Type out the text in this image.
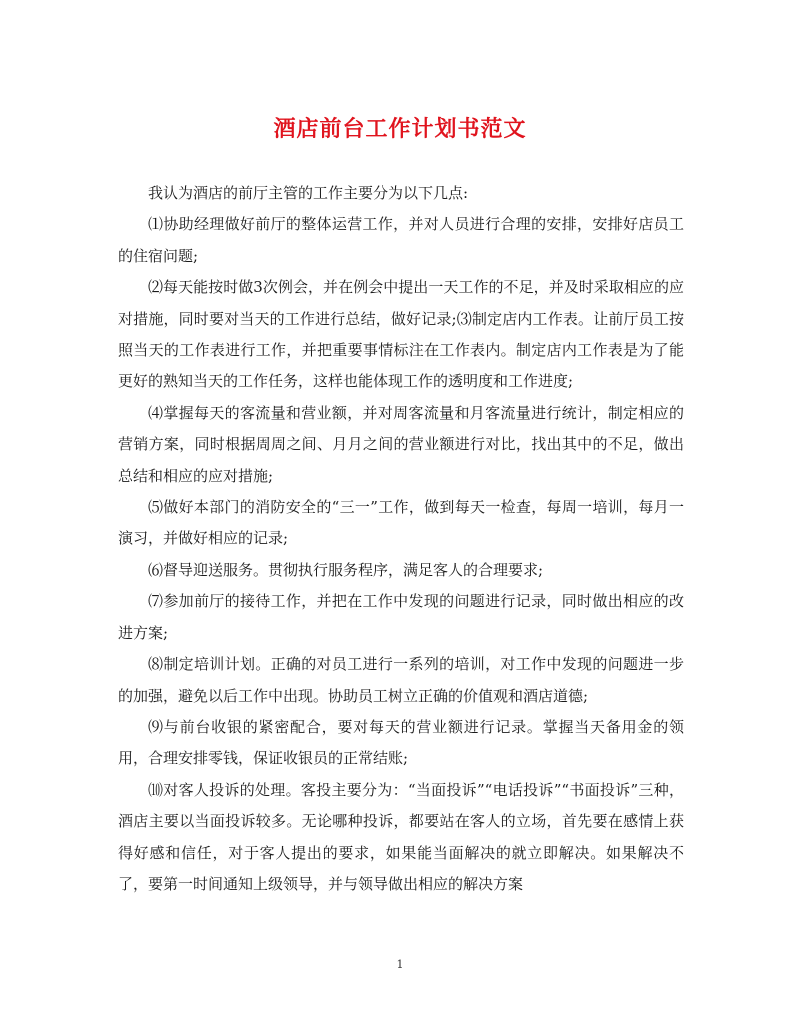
酒店前台工作计划书范文

我认为酒店的前厅主管的工作主要分为以下几点:

⑴协助经理做好前厅的整体运营工作，并对人员进行合理的安排，安排好店员工的住宿问题;

⑵每天能按时做3次例会，并在例会中提出一天工作的不足，并及时采取相应的应对措施，同时要对当天的工作进行总结，做好记录;⑶制定店内工作表。让前厅员工按照当天的工作表进行工作，并把重要事情标注在工作表内。制定店内工作表是为了能更好的熟知当天的工作任务，这样也能体现工作的透明度和工作进度;

⑷掌握每天的客流量和营业额，并对周客流量和月客流量进行统计，制定相应的营销方案，同时根据周周之间、月月之间的营业额进行对比，找出其中的不足，做出总结和相应的应对措施;

⑸做好本部门的消防安全的“三一”工作，做到每天一检查，每周一培训，每月一演习，并做好相应的记录;

⑹督导迎送服务。贯彻执行服务程序，满足客人的合理要求;

⑺参加前厅的接待工作，并把在工作中发现的问题进行记录，同时做出相应的改进方案;

⑻制定培训计划。正确的对员工进行一系列的培训，对工作中发现的问题进一步的加强，避免以后工作中出现。协助员工树立正确的价值观和酒店道德;

⑼与前台收银的紧密配合，要对每天的营业额进行记录。掌握当天备用金的领用，合理安排零钱，保证收银员的正常结账;

⑽对客人投诉的处理。客投主要分为：“当面投诉”“电话投诉”“书面投诉”三种，酒店主要以当面投诉较多。无论哪种投诉，都要站在客人的立场，首先要在感情上获得好感和信任，对于客人提出的要求，如果能当面解决的就立即解决。如果解决不了，要第一时间通知上级领导，并与领导做出相应的解决方案

1
